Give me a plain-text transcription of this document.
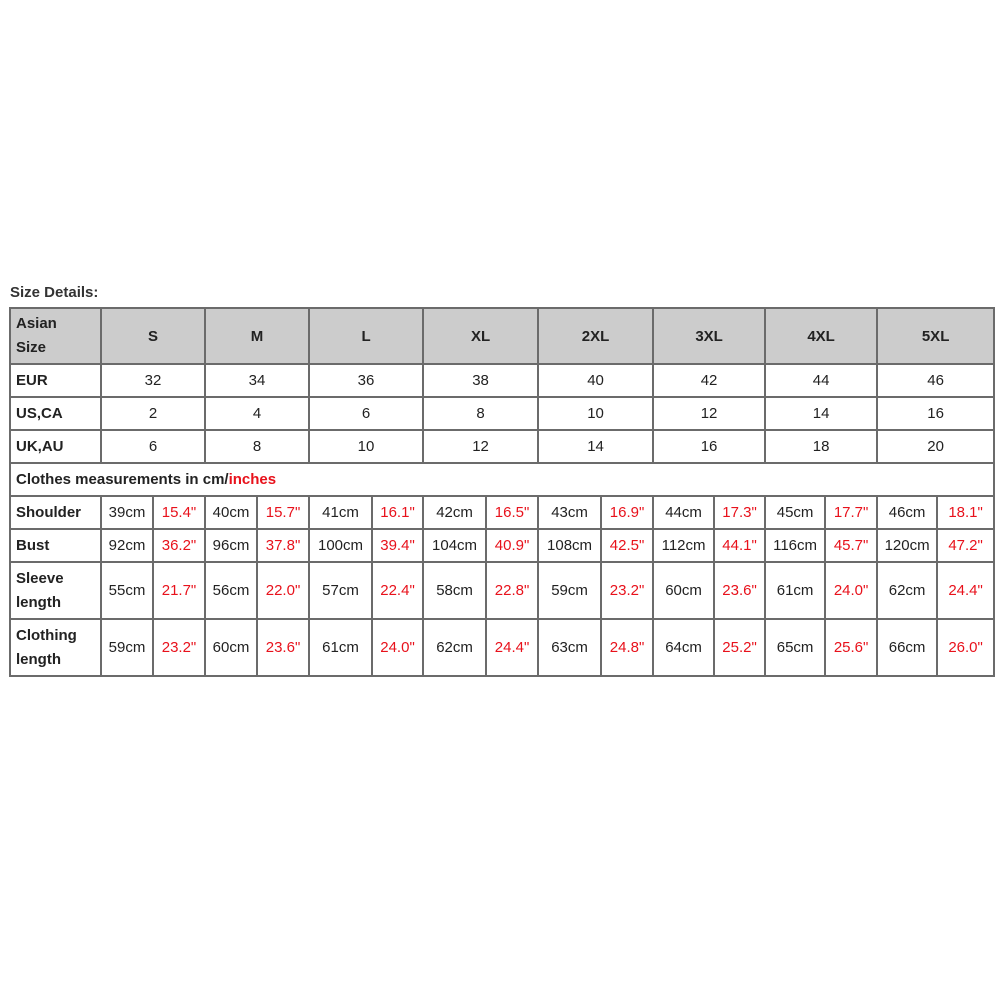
Size Details:
Asian
Size	S		M		L		XL		2XL		3XL		4XL		5XL	
EUR	32		34		36		38		40		42		44		46	
US,CA	2		4		6		8		10		12		14		16	
UK,AU	6		8		10		12		14		16		18		20	
Clothes measurements in cm/inches																
Shoulder	39cm	15.4"	40cm	15.7"	41cm	16.1"	42cm	16.5"	43cm	16.9"	44cm	17.3"	45cm	17.7"	46cm	18.1"
Bust	92cm	36.2"	96cm	37.8"	100cm	39.4"	104cm	40.9"	108cm	42.5"	112cm	44.1"	116cm	45.7"	120cm	47.2"
Sleeve
length	55cm	21.7"	56cm	22.0"	57cm	22.4"	58cm	22.8"	59cm	23.2"	60cm	23.6"	61cm	24.0"	62cm	24.4"
Clothing
length	59cm	23.2"	60cm	23.6"	61cm	24.0"	62cm	24.4"	63cm	24.8"	64cm	25.2"	65cm	25.6"	66cm	26.0"
